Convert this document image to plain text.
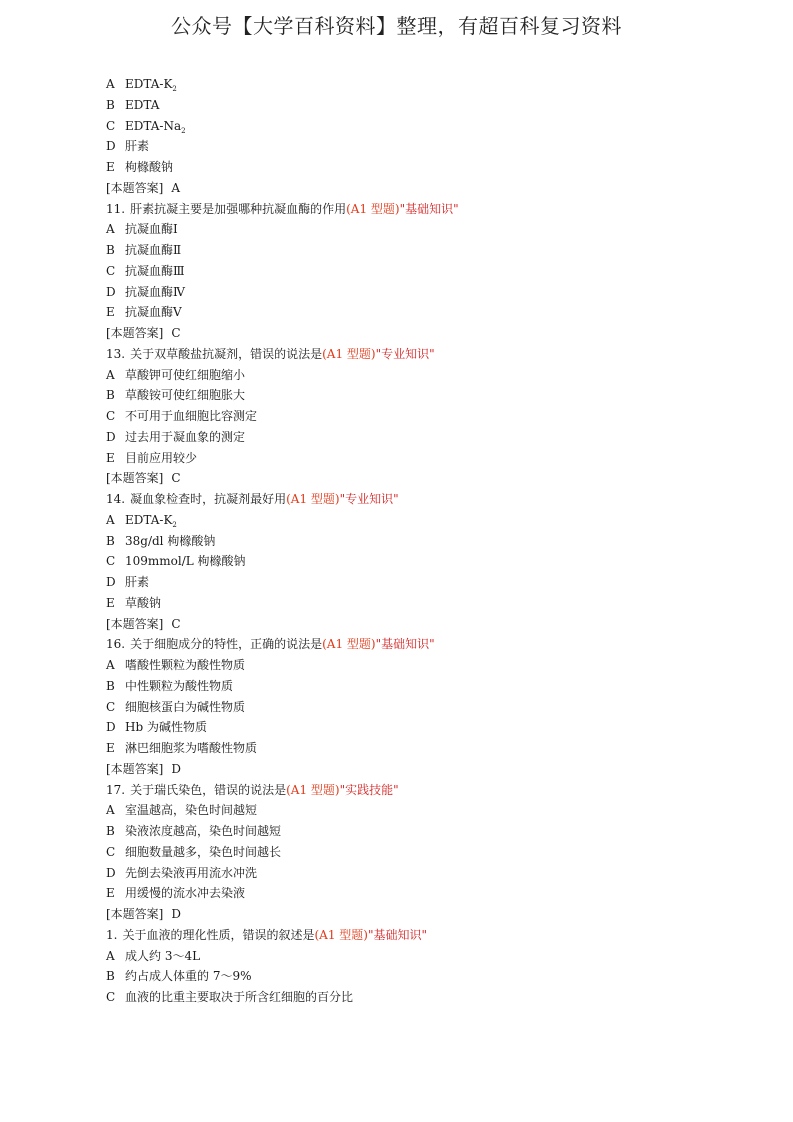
公众号【大学百科资料】整理，有超百科复习资料
A EDTA-$K_2$
B EDTA
C EDTA-$Na_2$
D 肝素
E 枸橼酸钠
[本题答案] A
11. 肝素抗凝主要是加强哪种抗凝血酶的作用(A1 型题)"基础知识"
A 抗凝血酶Ⅰ
B 抗凝血酶Ⅱ
C 抗凝血酶Ⅲ
D 抗凝血酶Ⅳ
E 抗凝血酶Ⅴ
[本题答案] C
13. 关于双草酸盐抗凝剂，错误的说法是(A1 型题)"专业知识"
A 草酸钾可使红细胞缩小
B 草酸铵可使红细胞胀大
C 不可用于血细胞比容测定
D 过去用于凝血象的测定
E 目前应用较少
[本题答案] C
14. 凝血象检查时，抗凝剂最好用(A1 型题)"专业知识"
A EDTA-$K_2$
B 38g/dl 枸橼酸钠
C 109mmol/L 枸橼酸钠
D 肝素
E 草酸钠
[本题答案] C
16. 关于细胞成分的特性，正确的说法是(A1 型题)"基础知识"
A 嗜酸性颗粒为酸性物质
B 中性颗粒为酸性物质
C 细胞核蛋白为碱性物质
D Hb 为碱性物质
E 淋巴细胞浆为嗜酸性物质
[本题答案] D
17. 关于瑞氏染色，错误的说法是(A1 型题)"实践技能"
A 室温越高，染色时间越短
B 染液浓度越高，染色时间越短
C 细胞数量越多，染色时间越长
D 先倒去染液再用流水冲洗
E 用缓慢的流水冲去染液
[本题答案] D
1. 关于血液的理化性质，错误的叙述是(A1 型题)"基础知识"
A 成人约 3～4L
B 约占成人体重的 7～9%
C 血液的比重主要取决于所含红细胞的百分比
